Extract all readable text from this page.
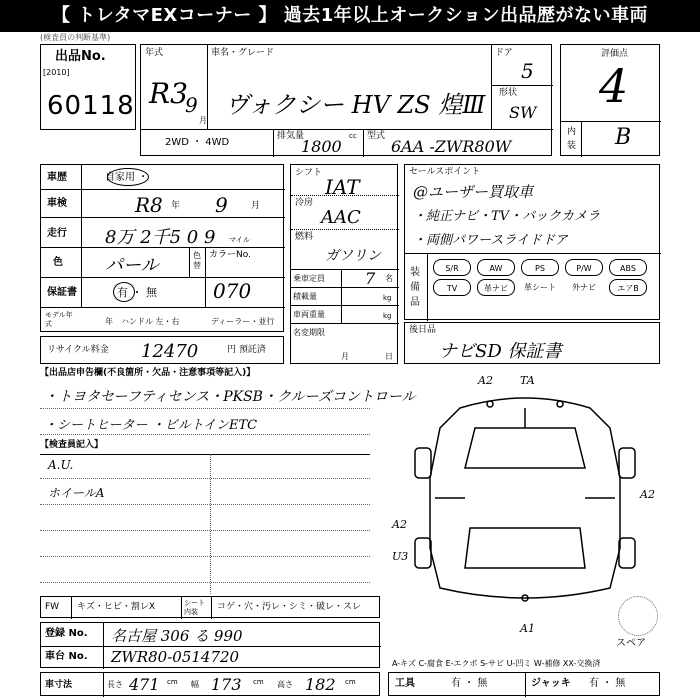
【 トレタマEXコーナー 】 過去1年以上オークション出品歴がない車両
(検査員の判断基準)
出品No.
[2010]
60118
年式
R3
9
月
車名・グレード
ヴォクシー HV ZS 煌Ⅲ
ドア
5
形状
SW
2WD ・ 4WD
排気量
1800
cc 型式
6AA -ZWR80W
評価点
4
内
装 B
車歴	自家用 ・
車検	R8 年 9	月
走行 8万 2千5 0 9 マイル
色 パール	色替
カラーNo.
保証書	有 ・ 無	070
モデル年式	年 ハンドル 左・右	ディーラー・並行
シフト
IAT
冷房
AAC
燃料
ガソリン
乗車定員	7 名
積載量	kg
車両重量	kg
名変期限
月	日
リサイクル料金 12470	円 預託済
セールスポイント
@ユーザー買取車
・純正ナビ・TV・バックカメラ
・両側パワースライドドア
装備品
S/R	AW	PS	P/W	ABS
TV	革ナビ	革シート	外ナビ	エアB
後日品
ナビSD 保証書
【出品店申告欄(不良箇所・欠品・注意事項等記入)】
・トヨタセーフティセンス・PKSB・クルーズコントロール
・シートヒーター ・ビルトインETC
【検査員記入】
A.U.
ホイールA
A2 TA
A2
A2
U3
A1
スペア
FW キズ・ヒビ・割レX	シート内装	コゲ・穴・汚レ・シミ・破レ・スレ
登録 No. 名古屋 306 る 990
車台 No. ZWR80-0514720	A-キズ C-腐食 E-エクボ S-サビ U-凹ミ W-補修 XX-交換済
車寸法	長さ 471 cm 幅 173 cm 高さ 182 cm	工具	有 ・ 無	ジャッキ 有 ・ 無
